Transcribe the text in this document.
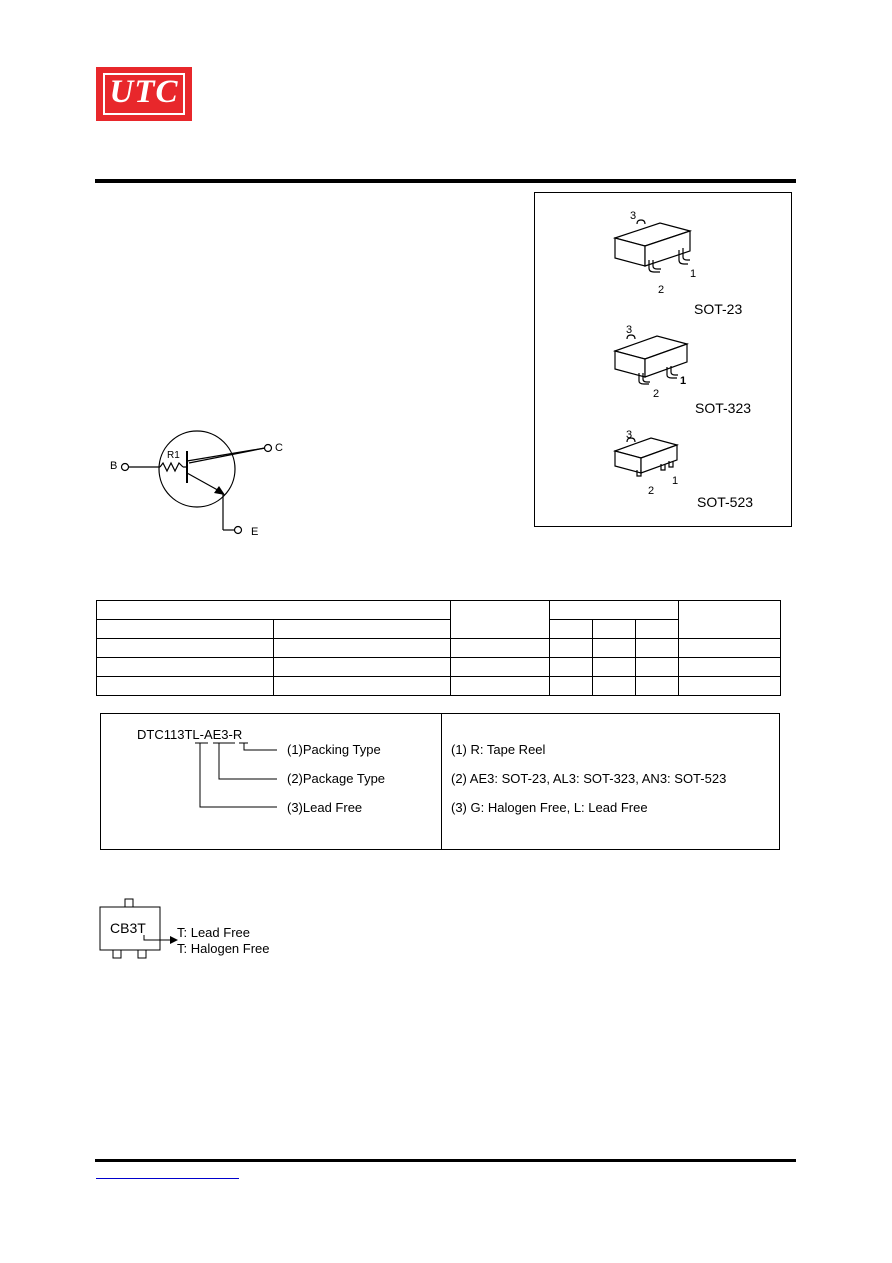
UTC
3
2
1
SOT-23
3
2
1
SOT-323
3
2
1
SOT-523
B
C
E
R1

DTC113TL-AE3-R
(1)Packing Type
(2)Package Type
(3)Lead Free
(1) R: Tape Reel
(2) AE3: SOT-23, AL3: SOT-323, AN3: SOT-523
(3) G: Halogen Free, L: Lead Free
CB3T T: Lead Free
T: Halogen Free
